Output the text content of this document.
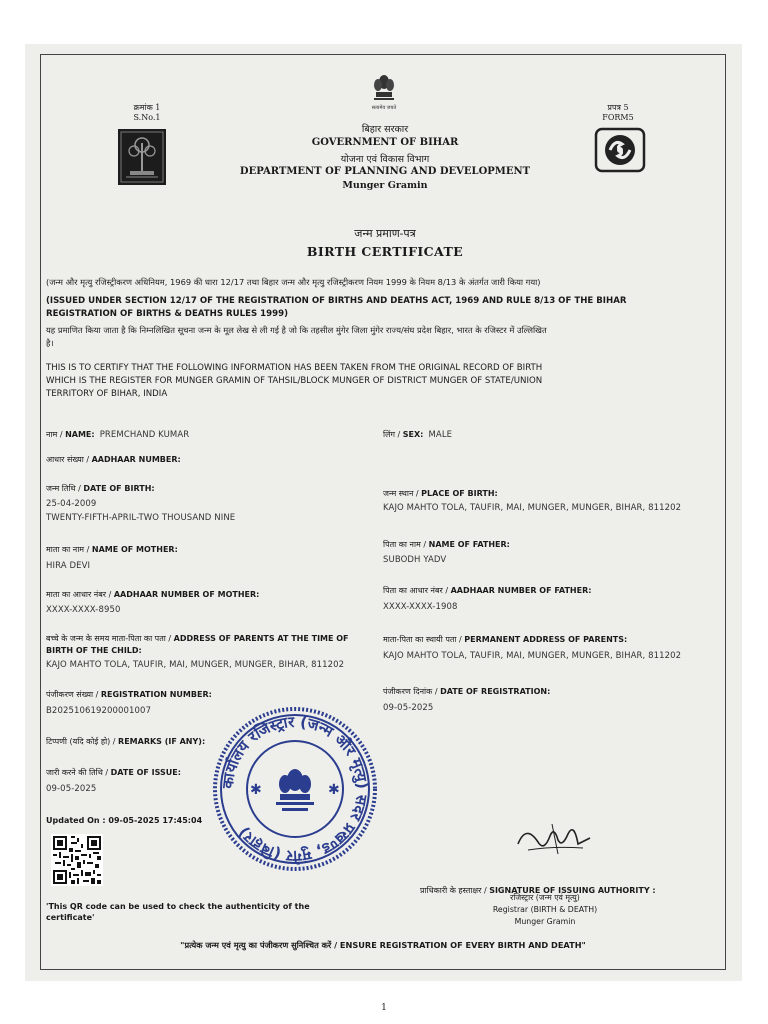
क्रमांक 1
S.No.1
सत्यमेव जयते	प्रपत्र 5
FORM5
बिहार सरकार
GOVERNMENT OF BIHAR
योजना एवं विकास विभाग
DEPARTMENT OF PLANNING AND DEVELOPMENT
Munger Gramin
जन्म प्रमाण-पत्र
BIRTH CERTIFICATE
(जन्म और मृत्यु रजिस्ट्रीकरण अधिनियम, 1969 की धारा 12/17 तथा बिहार जन्म और मृत्यु रजिस्ट्रीकरण नियम 1999 के नियम 8/13 के अंतर्गत जारी किया गया)
(ISSUED UNDER SECTION 12/17 OF THE REGISTRATION OF BIRTHS AND DEATHS ACT, 1969 AND RULE 8/13 OF THE BIHAR
REGISTRATION OF BIRTHS & DEATHS RULES 1999)
यह प्रमाणित किया जाता है कि निम्नलिखित सूचना जन्म के मूल लेख से ली गई है जो कि तहसील मुंगेर जिला मुंगेर राज्य/संघ प्रदेश बिहार, भारत के रजिस्टर में उल्लिखित
है।
THIS IS TO CERTIFY THAT THE FOLLOWING INFORMATION HAS BEEN TAKEN FROM THE ORIGINAL RECORD OF BIRTH
WHICH IS THE REGISTER FOR MUNGER GRAMIN OF TAHSIL/BLOCK MUNGER OF DISTRICT MUNGER OF STATE/UNION
TERRITORY OF BIHAR, INDIA
नाम / NAME: PREMCHAND KUMAR	लिंग / SEX: MALE
आधार संख्या / AADHAAR NUMBER:
जन्म तिथि / DATE OF BIRTH:
25-04-2009
TWENTY-FIFTH-APRIL-TWO THOUSAND NINE
जन्म स्थान / PLACE OF BIRTH:
KAJO MAHTO TOLA, TAUFIR, MAI, MUNGER, MUNGER, BIHAR, 811202
माता का नाम / NAME OF MOTHER:
HIRA DEVI
पिता का नाम / NAME OF FATHER:
SUBODH YADV
माता का आधार नंबर / AADHAAR NUMBER OF MOTHER:
XXXX-XXXX-8950
पिता का आधार नंबर / AADHAAR NUMBER OF FATHER:
XXXX-XXXX-1908
बच्चे के जन्म के समय माता-पिता का पता / ADDRESS OF PARENTS AT THE TIME OF
BIRTH OF THE CHILD:
KAJO MAHTO TOLA, TAUFIR, MAI, MUNGER, MUNGER, BIHAR, 811202
माता-पिता का स्थायी पता / PERMANENT ADDRESS OF PARENTS:
KAJO MAHTO TOLA, TAUFIR, MAI, MUNGER, MUNGER, BIHAR, 811202
पंजीकरण संख्या / REGISTRATION NUMBER:
B202510619200001007
पंजीकरण दिनांक / DATE OF REGISTRATION:
09-05-2025
टिप्पणी (यदि कोई हो) / REMARKS (IF ANY):
जारी करने की तिथि / DATE OF ISSUE:
09-05-2025	कार्यालय रजिस्ट्रार (जन्म और मृत्यु) सदर प्रखण्ड, मुंगेर (बिहार)
✱	✱
Updated On : 09-05-2025 17:45:04
प्राधिकारी के हस्ताक्षर / SIGNATURE OF ISSUING AUTHORITY :
रजिस्ट्रार (जन्म एवं मृत्यु)
Registrar (BIRTH & DEATH)
Munger Gramin
'This QR code can be used to check the authenticity of the
certificate'
"प्रत्येक जन्म एवं मृत्यु का पंजीकरण सुनिश्चित करें / ENSURE REGISTRATION OF EVERY BIRTH AND DEATH"
1
